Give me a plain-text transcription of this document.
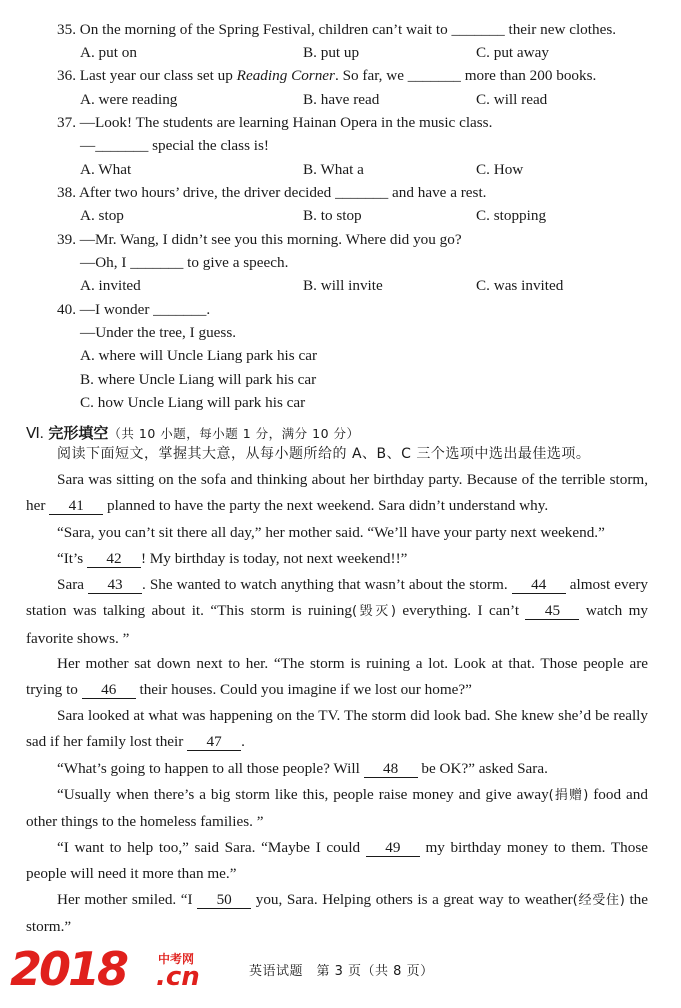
35. On the morning of the Spring Festival, children can’t wait to _______ their new clothes.
A. put on	B. put up	C. put away
36. Last year our class set up Reading Corner. So far, we _______ more than 200 books.
A. were reading	B. have read	C. will read
37. —Look! The students are learning Hainan Opera in the music class.
—_______ special the class is!
A. What	B. What a	C. How
38. After two hours’ drive, the driver decided _______ and have a rest.
A. stop	B. to stop	C. stopping
39. —Mr. Wang, I didn’t see you this morning. Where did you go?
—Oh, I _______ to give a speech.
A. invited	B. will invite	C. was invited
40. —I wonder _______.
—Under the tree, I guess.
A. where will Uncle Liang park his car
B. where Uncle Liang will park his car
C. how Uncle Liang will park his car
Ⅵ. 完形填空（共 10 小题，每小题 1 分，满分 10 分）
阅读下面短文，掌握其大意，从每小题所给的 A、B、C 三个选项中选出最佳选项。
Sara was sitting on the sofa and thinking about her birthday party. Because of the terrible storm, her 41 planned to have the party the next weekend. Sara didn’t understand why.
“Sara, you can’t sit there all day,” her mother said. “We’ll have your party next weekend.”
“It’s 42 ! My birthday is today, not next weekend!!”
Sara 43 . She wanted to watch anything that wasn’t about the storm. 44 almost every station was talking about it. “This storm is ruining(毁灭) everything. I can’t 45 watch my favorite shows. ”
Her mother sat down next to her. “The storm is ruining a lot. Look at that. Those people are trying to 46 their houses. Could you imagine if we lost our home?”
Sara looked at what was happening on the TV. The storm did look bad. She knew she’d be really sad if her family lost their 47 .
“What’s going to happen to all those people? Will 48 be OK?” asked Sara.
“Usually when there’s a big storm like this, people raise money and give away(捐赠) food and other things to the homeless families. ”
“I want to help too,” said Sara. “Maybe I could 49 my birthday money to them. Those people will need it more than me.”
Her mother smiled. “I 50 you, Sara. Helping others is a great way to weather(经受住) the storm.”
2018	中考网
.cn	英语试题　第 3 页（共 8 页）
